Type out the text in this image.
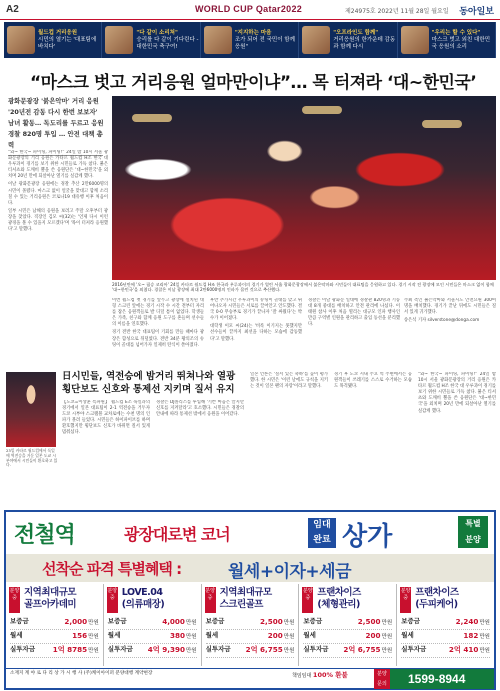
A2	WORLD CUP Qatar2022	제24975호 2022년 11월 28일 월요일 동아일보
월드컵 거리응원
시민의 열기는 '대표팀에 바치다'
"다 같이 소리쳐"
승리를 다 같이 기다린다 - 대한민국 축구여!
"지지하는 마음
조가 되어 전 국민이 함께 응원"
"오프라인도 함께"
거리응원의 한가운데 감동과 함께 다시
"우리는 할 수 있다"
마스크 벗고 외친 대한민국 응원의 소리
“마스크 벗고 거리응원 얼마만이냐”… 목 터져라 ‘대~한민국’
광화문광장 '붉은악마' 거리 응원
'20년전 감동 다시 한번 보보자'
남녀 활동… 독도리를 두르고 응원
경찰 820명 투입 … 안전 대책 총력

“와~ 한국~ 파이팅, 파이팅!” 24일 밤 10시 서울 광화문광장의 거리 응원은 카타르 월드컵 H조 한국 대 우루과이 경기를 보기 위한 시민들로 가득 찼다. 붉은 티셔츠와 도깨비 뿔을 쓴 응원단은 '대~한민국'을 외치며 20년 만에 되살아난 열기를 실감케 했다.

이날 광화문광장 응원에는 경찰 추산 2만6000명의 시민이 몰렸다. 마스크 없이 얼굴을 맞대고 함께 소리칠 수 있는 거리응원은 코로나19 대유행 이후 처음이다.

일부 시민은 남해의 응원을 보려고 주말 오후부터 광장을 찾았다. 직장인 김모 씨(32)는 '언제 다시 이런 광경을 볼 수 있을지 모르겠다'며 '목이 터져라 응원했다'고 말했다.

2016년만에 '오~ 필승 코리아' 24일 카타르 월드컵 H조 한국과 우루과이의 경기가 열린 서울 광화문광장에서 붉은악마와 시민들이 대표팀을 응원하고 있다. 경기 시작 전 광장에 모인 시민들은 마스크 없이 함께 '대~한민국'을 외쳤다. 경찰은 이날 광장에 최대 2만6000명의 인파가 몰린 것으로 추산했다.

이번 월드컵 첫 경기를 앞두고 광장에 설치된 대형 스크린 앞에는 경기 시작 수 시간 전부터 자리를 잡은 응원객들로 발 디딜 틈이 없었다. 학생들은 가족, 친구와 함께 응원 도구를 흔들며 선수들의 이름을 연호했다.

경기 전반 한국 대표팀이 기회를 만들 때마다 광장은 함성으로 뒤덮였다. 전반 34분 황의조의 슈팅이 골대를 넘어가자 일제히 탄식이 쏟아졌다.

후반 추가시간 우루과이의 슈팅이 골대를 맞고 튀어나오자 시민들은 서로를 끌어안고 안도했다. 결국 0-0 무승부로 경기가 끝나자 '잘 싸웠다'는 박수가 이어졌다.

대학생 이모 씨(24)는 '비록 이기지는 못했지만 선수들이 끝까지 최선을 다하는 모습에 감동했다'고 말했다.

경찰은 이날 광화문 일대에 경찰관 820명과 기동대 8개 중대를 배치하고 안전 관리에 나섰다. 이태원 참사 이후 처음 열리는 대규모 인파 행사인 만큼 구역별 인원을 관리하고 출입 동선을 분리했다.

주최 측인 붉은악마와 서울시도 안전요원 300여 명을 배치했다. 경기가 끝난 뒤에도 시민들은 질서 있게 귀가했다.

송은석 기자 silverstone@donga.com

23일 카타르 월드컵에서 독일에 역전승을 거둔 일본 도쿄 시부야에서 시민들이 환호하고 있다.
日시민들, 역전승에 밤거리 뛰쳐나와 열광 횡단보도 신호와 통제선 지키며 질서 유지

【도쿄=이상훈 특파원】 월드컵 E조 독일과의 경기에서 일본 대표팀이 2-1 역전승을 거두자 도쿄 시부야 스크램블 교차로에는 수천 명의 인파가 몰려 들었다. 시민들은 하이파이브를 하며 환호했지만 횡단보도 신호가 바뀌면 질서 있게 멈춰섰다.

경찰은 DJ폴리스를 투입해 '기쁜 마음은 알지만 신호를 지켜달라'고 호소했다. 시민들은 경찰의 안내에 따라 통제선 밖에서 응원을 이어갔다.

일본 언론은 '질서 있는 축하'를 높이 평가했다. 한 시민은 '이런 날에도 규칙을 지키는 것이 일본 팬의 자랑'이라고 말했다.

경기 후 도쿄 시내 주요 역 주변에서는 응원객들이 쓰레기를 스스로 수거하는 모습도 목격됐다.

“와~ 한국~ 파이팅, 파이팅!” 24일 밤 10시 서울 광화문광장의 거리 응원은 카타르 월드컵 H조 한국 대 우루과이 경기를 보기 위한 시민들로 가득 찼다. 붉은 티셔츠와 도깨비 뿔을 쓴 응원단은 '대~한민국'을 외치며 20년 만에 되살아난 열기를 실감케 했다.

전철역	광장대로변 코너	임대
완료 상가	특별
분양
선착순 파격 특별혜택 :	월세+이자+세금
분양중 지역최대규모
골프아카데미
보증금	2,000만원
월세	156만원
실투자금 1억 8785만원
분양중 LOVE.04
(의류매장)
보증금	4,000만원
월세	380만원
실투자금 4억 9,390만원
분양중 지역최대규모
스크린골프
보증금	2,500만원
월세	200만원
실투자금 2억 6,755만원
분양중 프랜차이즈
(체형관리)
보증금	2,500만원
월세	200만원
실투자금 2억 6,755만원
분양중 프랜차이즈
(두피케어)
보증금	2,240만원
월세	182만원
실투자금	2억 410만원
소재지 계 야 로 다 리 상 가 시 행 사 (주)케이아이퍼 분양대행 계약현장	책임임대 100% 환불	분양
문의	1599-8944
